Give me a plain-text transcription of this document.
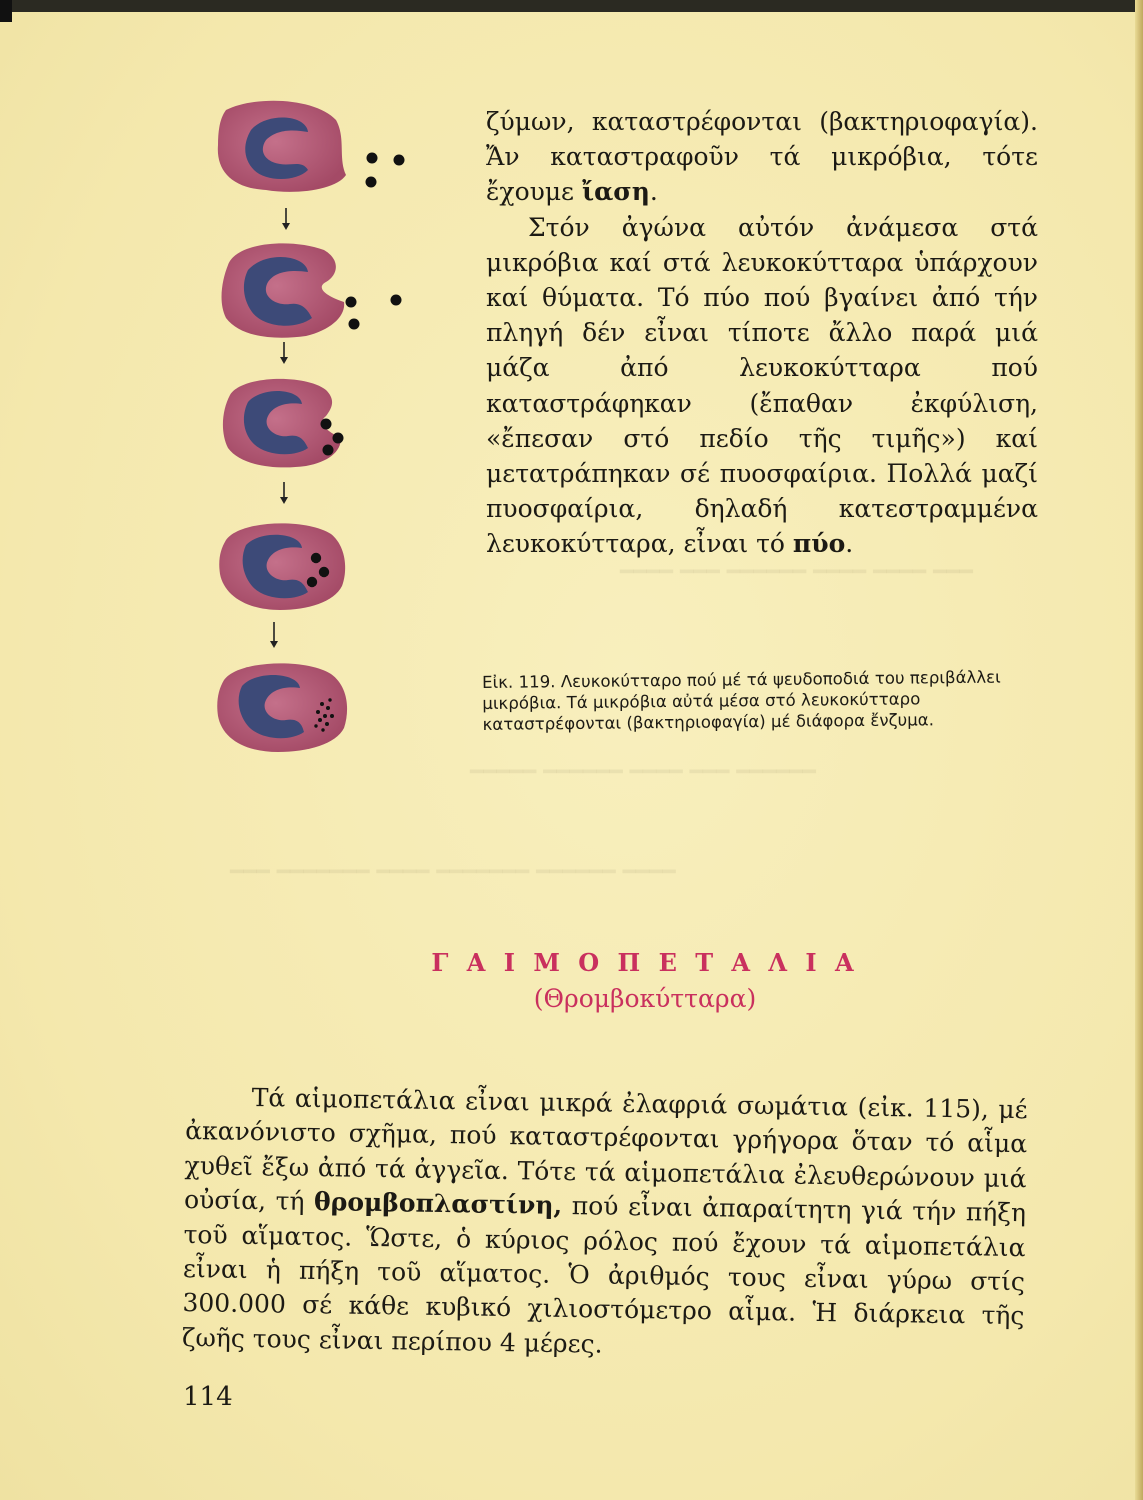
━━━ ━━━━ ━━━━ ━━━━━━ ━━━ ━━━━
━━━━━━ ━━━ ━━━━ ━━━━━━ ━━━━━
━━━━ ━━━━━━ ━━━━━━━ ━━━━ ━━━━━━━ ━━━

ζύμων, καταστρέφονται (βακτηριοφαγία). Ἄν καταστραφοῦν τά μικρόβια, τότε ἔχουμε ἴαση.

Στόν ἀγώνα αὐτόν ἀνάμεσα στά μικρόβια καί στά λευκοκύτταρα ὑπάρχουν καί θύματα. Τό πύο πού βγαίνει ἀπό τήν πληγή δέν εἶναι τίποτε ἄλλο παρά μιά μάζα ἀπό λευκοκύτταρα πού καταστράφηκαν (ἔπαθαν ἐκφύλιση, «ἔπεσαν στό πεδίο τῆς τιμῆς») καί μετατράπηκαν σέ πυοσφαίρια. Πολλά μαζί πυοσφαίρια, δηλαδή κατεστραμμένα λευκοκύτταρα, εἶναι τό πύο.

Εἰκ. 119. Λευκοκύτταρο πού μέ τά ψευδοποδιά του περιβάλλει μικρόβια. Τά μικρόβια αὐτά μέσα στό λευκοκύτταρο καταστρέφονται (βακτηριοφαγία) μέ διάφορα ἔνζυμα.
Γ Α Ι Μ Ο Π Ε Τ Α Λ Ι Α
(Θρομβοκύτταρα)

Τά αἱμοπετάλια εἶναι μικρά ἐλαφριά σωμάτια (εἰκ. 115), μέ ἀκανόνιστο σχῆμα, πού καταστρέφονται γρήγορα ὅταν τό αἷμα χυθεῖ ἔξω ἀπό τά ἀγγεῖα. Τότε τά αἱμοπετάλια ἐλευθερώνουν μιά οὐσία, τή θρομβοπλαστίνη, πού εἶναι ἀπαραίτητη γιά τήν πήξη τοῦ αἵματος. Ὥστε, ὁ κύριος ρόλος πού ἔχουν τά αἱμοπετάλια εἶναι ἡ πήξη τοῦ αἵματος. Ὁ ἀριθμός τους εἶναι γύρω στίς 300.000 σέ κάθε κυβικό χιλιοστόμετρο αἷμα. Ἡ διάρκεια τῆς ζωῆς τους εἶναι περίπου 4 μέρες.

114
